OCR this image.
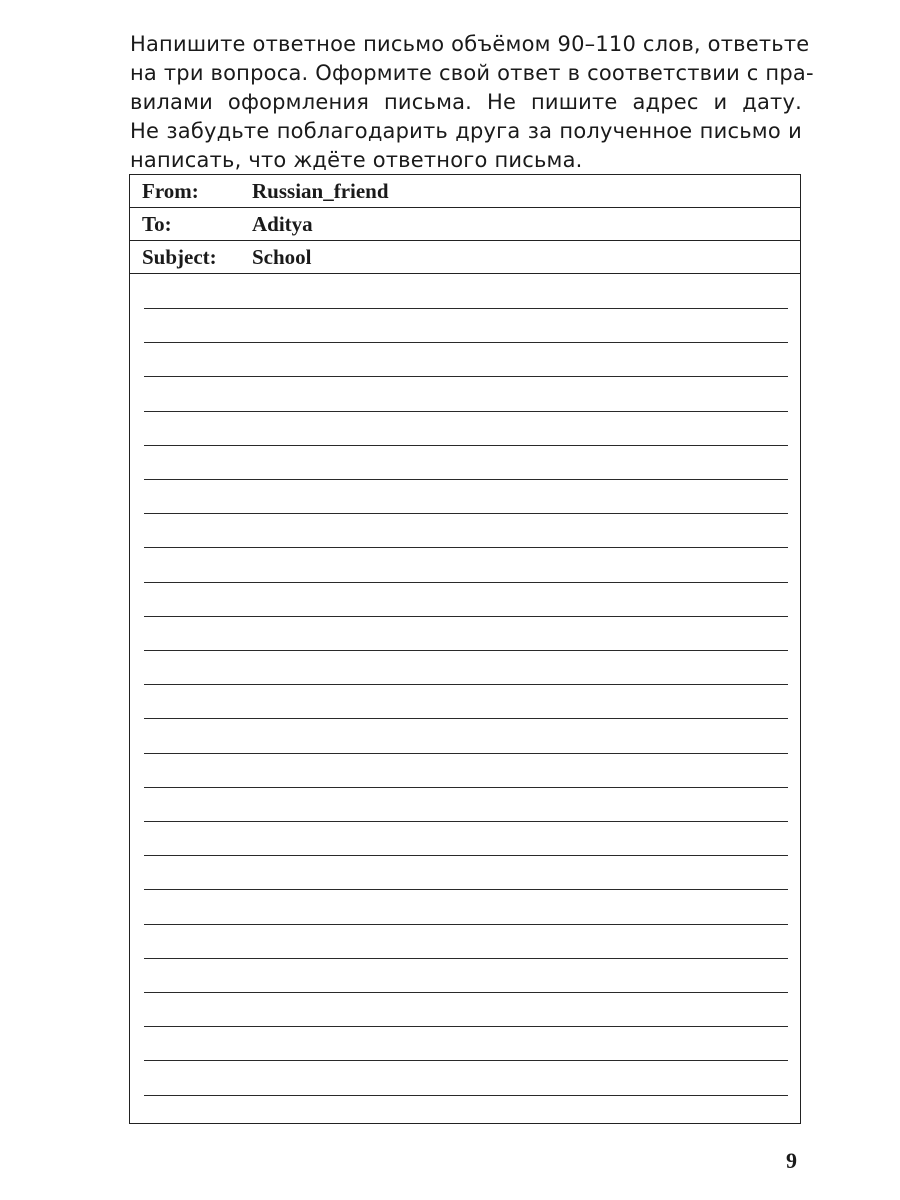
Напишите ответное письмо объёмом 90–110 слов, ответьте
на три вопроса. Оформите свой ответ в соответствии с пра-
вилами оформления письма. Не пишите адрес и дату.
Не забудьте поблагодарить друга за полученное письмо и
написать, что ждёте ответного письма.
From:	Russian_friend
To:	Aditya
Subject: School
9
